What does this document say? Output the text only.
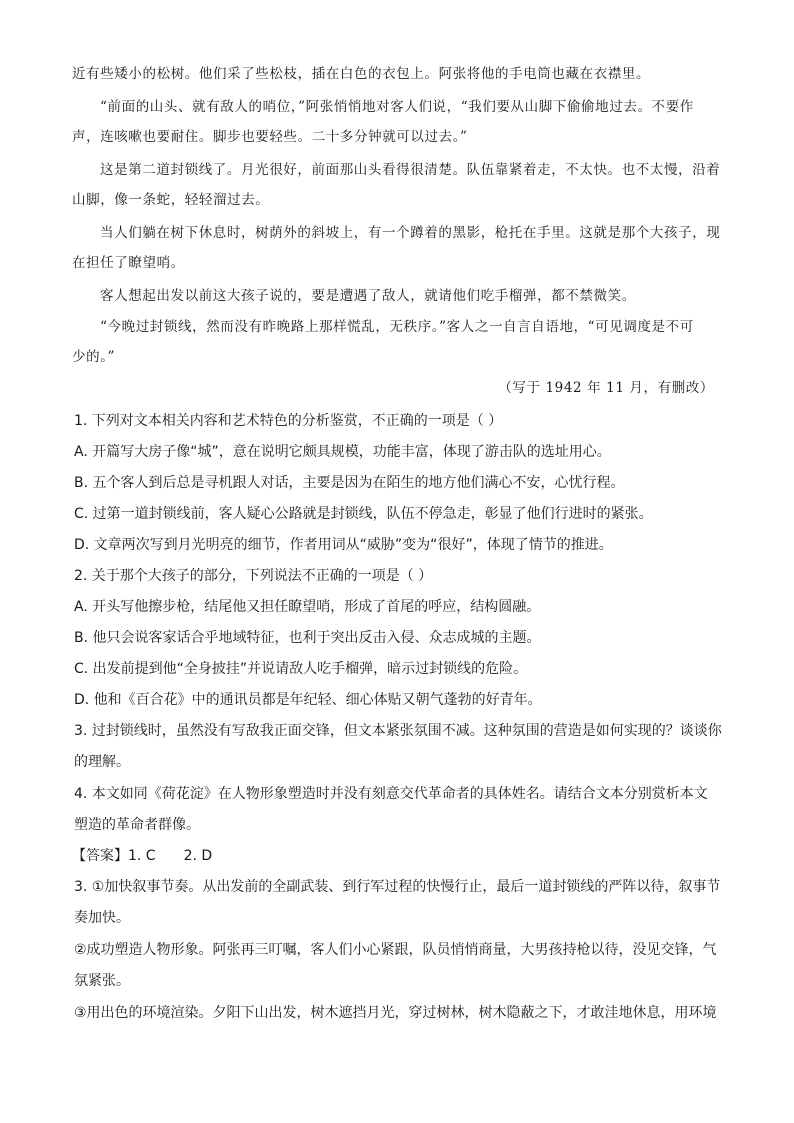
近有些矮小的松树。他们采了些松枝，插在白色的衣包上。阿张将他的手电筒也藏在衣襟里。
“前面的山头、就有敌人的哨位，”阿张悄悄地对客人们说，“我们要从山脚下偷偷地过去。不要作
声，连咳嗽也要耐住。脚步也要轻些。二十多分钟就可以过去。”
这是第二道封锁线了。月光很好，前面那山头看得很清楚。队伍靠紧着走，不太快。也不太慢，沿着
山脚，像一条蛇，轻轻溜过去。
当人们躺在树下休息时，树荫外的斜坡上，有一个蹲着的黑影，枪托在手里。这就是那个大孩子，现
在担任了瞭望哨。
客人想起出发以前这大孩子说的，要是遭遇了敌人，就请他们吃手榴弹，都不禁微笑。
“今晚过封锁线，然而没有昨晚路上那样慌乱，无秩序。”客人之一自言自语地，“可见调度是不可
少的。”
（写于 1942 年 11 月，有删改）
1. 下列对文本相关内容和艺术特色的分析鉴赏，不正确的一项是（ ）
A. 开篇写大房子像“城”，意在说明它颇具规模，功能丰富，体现了游击队的选址用心。
B. 五个客人到后总是寻机跟人对话，主要是因为在陌生的地方他们满心不安，心忧行程。
C. 过第一道封锁线前，客人疑心公路就是封锁线，队伍不停急走，彰显了他们行进时的紧张。
D. 文章两次写到月光明亮的细节，作者用词从“威胁”变为“很好”，体现了情节的推进。
2. 关于那个大孩子的部分，下列说法不正确的一项是（ ）
A. 开头写他擦步枪，结尾他又担任瞭望哨，形成了首尾的呼应，结构圆融。
B. 他只会说客家话合乎地域特征，也利于突出反击入侵、众志成城的主题。
C. 出发前提到他“全身披挂”并说请敌人吃手榴弹，暗示过封锁线的危险。
D. 他和《百合花》中的通讯员都是年纪轻、细心体贴又朝气蓬勃的好青年。
3. 过封锁线时，虽然没有写敌我正面交锋，但文本紧张氛围不减。这种氛围的营造是如何实现的？谈谈你
的理解。
4. 本文如同《荷花淀》在人物形象塑造时并没有刻意交代革命者的具体姓名。请结合文本分别赏析本文
塑造的革命者群像。
【答案】1. C 2. D
3. ①加快叙事节奏。从出发前的全副武装、到行军过程的快慢行止，最后一道封锁线的严阵以待，叙事节
奏加快。
②成功塑造人物形象。阿张再三叮嘱，客人们小心紧跟，队员悄悄商量，大男孩持枪以待，没见交锋，气
氛紧张。
③用出色的环境渲染。夕阳下山出发，树木遮挡月光，穿过树林，树木隐蔽之下，才敢洼地休息，用环境
